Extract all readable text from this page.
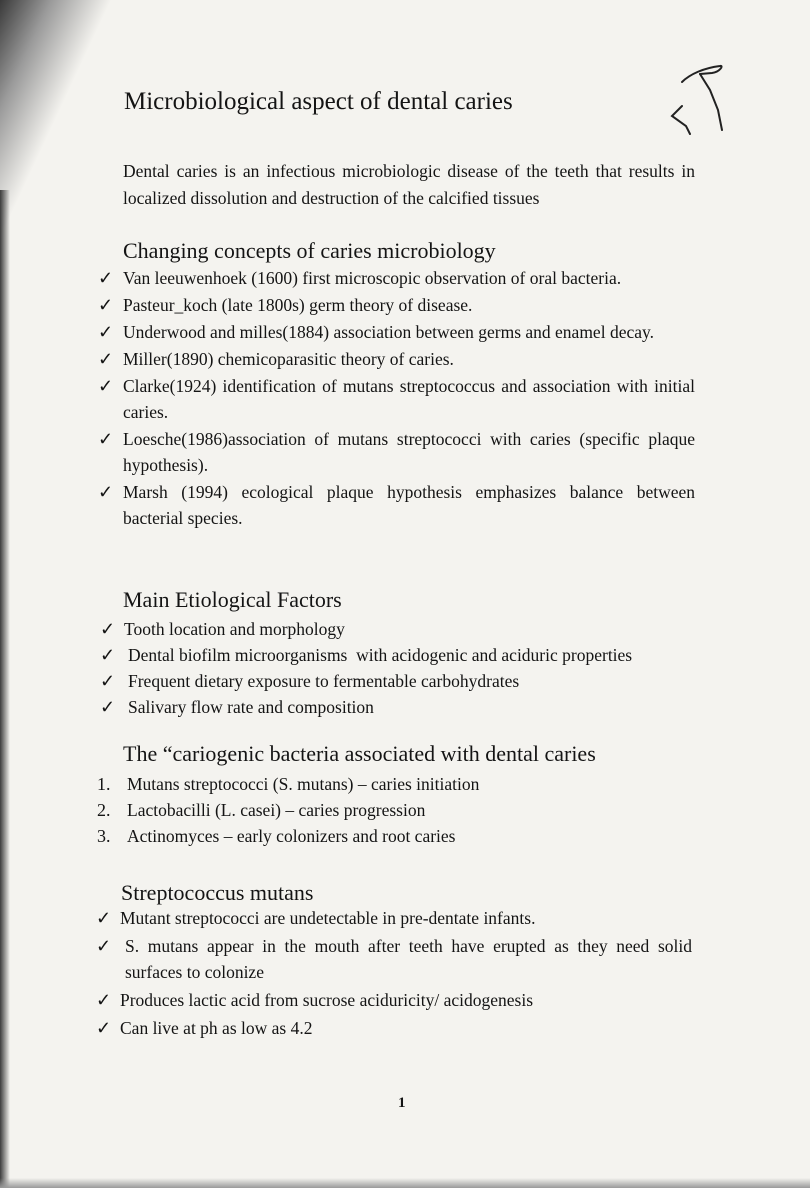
Microbiological aspect of dental caries
Dental caries is an infectious microbiologic disease of the teeth that results in localized dissolution and destruction of the calcified tissues
Changing concepts of caries microbiology
✓ Van leeuwenhoek (1600) first microscopic observation of oral bacteria.
✓ Pasteur_koch (late 1800s) germ theory of disease.
✓ Underwood and milles(1884) association between germs and enamel decay.
✓ Miller(1890) chemicoparasitic theory of caries.
✓ Clarke(1924) identification of mutans streptococcus and association with initial caries.
✓ Loesche(1986)association of mutans streptococci with caries (specific plaque hypothesis).
✓ Marsh (1994) ecological plaque hypothesis emphasizes balance between bacterial species.
Main Etiological Factors
✓ Tooth location and morphology
✓ Dental biofilm microorganisms  with acidogenic and aciduric properties
✓ Frequent dietary exposure to fermentable carbohydrates
✓ Salivary flow rate and composition
The “cariogenic bacteria associated with dental caries
1. Mutans streptococci (S. mutans) – caries initiation
2. Lactobacilli (L. casei) – caries progression
3. Actinomyces – early colonizers and root caries
Streptococcus mutans
✓ Mutant streptococci are undetectable in pre-dentate infants.
✓ S. mutans appear in the mouth after teeth have erupted as they need solid surfaces to colonize
✓ Produces lactic acid from sucrose aciduricity/ acidogenesis
✓ Can live at ph as low as 4.2
1
